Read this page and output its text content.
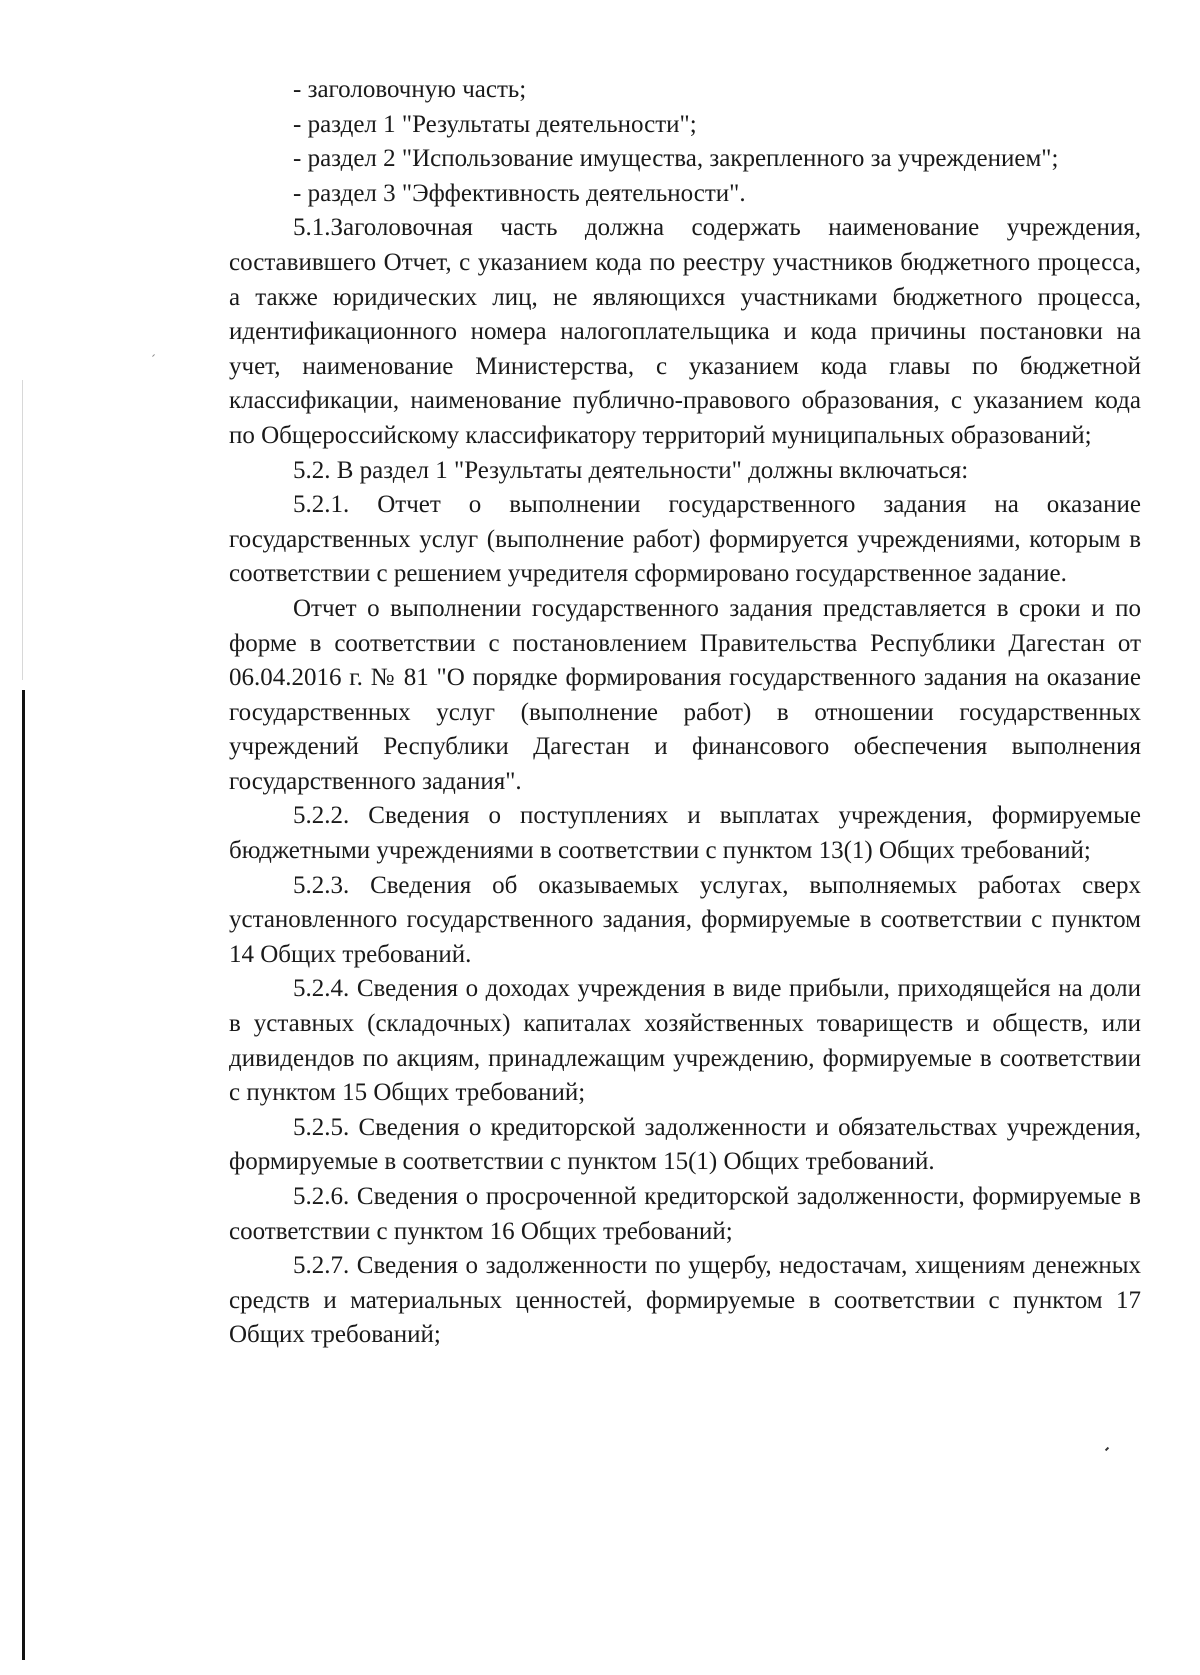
- заголовочную часть;

- раздел 1 "Результаты деятельности";

- раздел 2 "Использование имущества, закрепленного за учреждением";

- раздел 3 "Эффективность деятельности".

5.1.Заголовочная часть должна содержать наименование учреждения, составившего Отчет, с указанием кода по реестру участников бюджетного процесса, а также юридических лиц, не являющихся участниками бюджетного процесса, идентификационного номера налогоплательщика и кода причины постановки на учет, наименование Министерства, с указанием кода главы по бюджетной классификации, наименование публично-правового образования, с указанием кода по Общероссийскому классификатору территорий муниципальных образований;

5.2. В раздел 1 "Результаты деятельности" должны включаться:

5.2.1. Отчет о выполнении государственного задания на оказание государственных услуг (выполнение работ) формируется учреждениями, которым в соответствии с решением учредителя сформировано государственное задание.

Отчет о выполнении государственного задания представляется в сроки и по форме в соответствии с постановлением Правительства Республики Дагестан от 06.04.2016 г. № 81 "О порядке формирования государственного задания на оказание государственных услуг (выполнение работ) в отношении государственных учреждений Республики Дагестан и финансового обеспечения выполнения государственного задания".

5.2.2. Сведения о поступлениях и выплатах учреждения, формируемые бюджетными учреждениями в соответствии с пунктом 13(1) Общих требований;

5.2.3. Сведения об оказываемых услугах, выполняемых работах сверх установленного государственного задания, формируемые в соответствии с пунктом 14 Общих требований.

5.2.4. Сведения о доходах учреждения в виде прибыли, приходящейся на доли в уставных (складочных) капиталах хозяйственных товариществ и обществ, или дивидендов по акциям, принадлежащим учреждению, формируемые в соответствии с пунктом 15 Общих требований;

5.2.5. Сведения о кредиторской задолженности и обязательствах учреждения, формируемые в соответствии с пунктом 15(1) Общих требований.

5.2.6. Сведения о просроченной кредиторской задолженности, формируемые в соответствии с пунктом 16 Общих требований;

5.2.7. Сведения о задолженности по ущербу, недостачам, хищениям денежных средств и материальных ценностей, формируемые в соответствии с пунктом 17 Общих требований;
